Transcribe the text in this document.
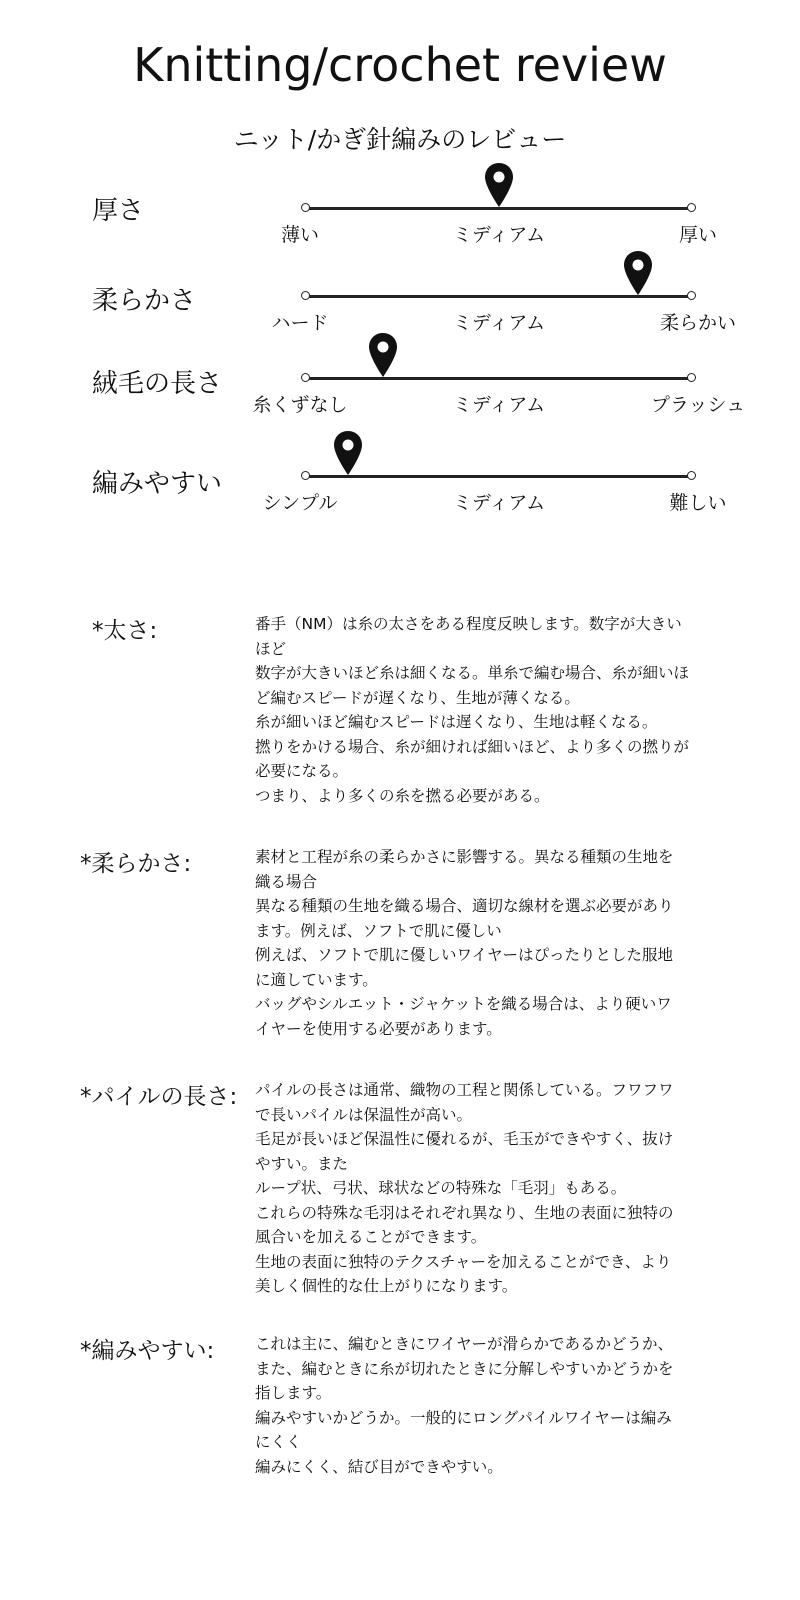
Knitting/crochet review
ニット/かぎ針編みのレビュー
厚さ
薄い	ミディアム	厚い
柔らかさ
ハード	ミディアム	柔らかい
絨毛の長さ
糸くずなし	ミディアム	プラッシュ
編みやすい
シンプル	ミディアム	難しい
*太さ:	番手（NM）は糸の太さをある程度反映します。数字が大きい
ほど
数字が大きいほど糸は細くなる。単糸で編む場合、糸が細いほ
ど編むスピードが遅くなり、生地が薄くなる。
糸が細いほど編むスピードは遅くなり、生地は軽くなる。
撚りをかける場合、糸が細ければ細いほど、より多くの撚りが
必要になる。
つまり、より多くの糸を撚る必要がある。
*柔らかさ:	素材と工程が糸の柔らかさに影響する。異なる種類の生地を
織る場合
異なる種類の生地を織る場合、適切な線材を選ぶ必要があり
ます。例えば、ソフトで肌に優しい
例えば、ソフトで肌に優しいワイヤーはぴったりとした服地
に適しています。
バッグやシルエット・ジャケットを織る場合は、より硬いワ
イヤーを使用する必要があります。
*パイルの長さ: パイルの長さは通常、織物の工程と関係している。フワフワ
で長いパイルは保温性が高い。
毛足が長いほど保温性に優れるが、毛玉ができやすく、抜け
やすい。また
ループ状、弓状、球状などの特殊な「毛羽」もある。
これらの特殊な毛羽はそれぞれ異なり、生地の表面に独特の
風合いを加えることができます。
生地の表面に独特のテクスチャーを加えることができ、より
美しく個性的な仕上がりになります。
*編みやすい:	これは主に、編むときにワイヤーが滑らかであるかどうか、
また、編むときに糸が切れたときに分解しやすいかどうかを
指します。
編みやすいかどうか。一般的にロングパイルワイヤーは編み
にくく
編みにくく、結び目ができやすい。
